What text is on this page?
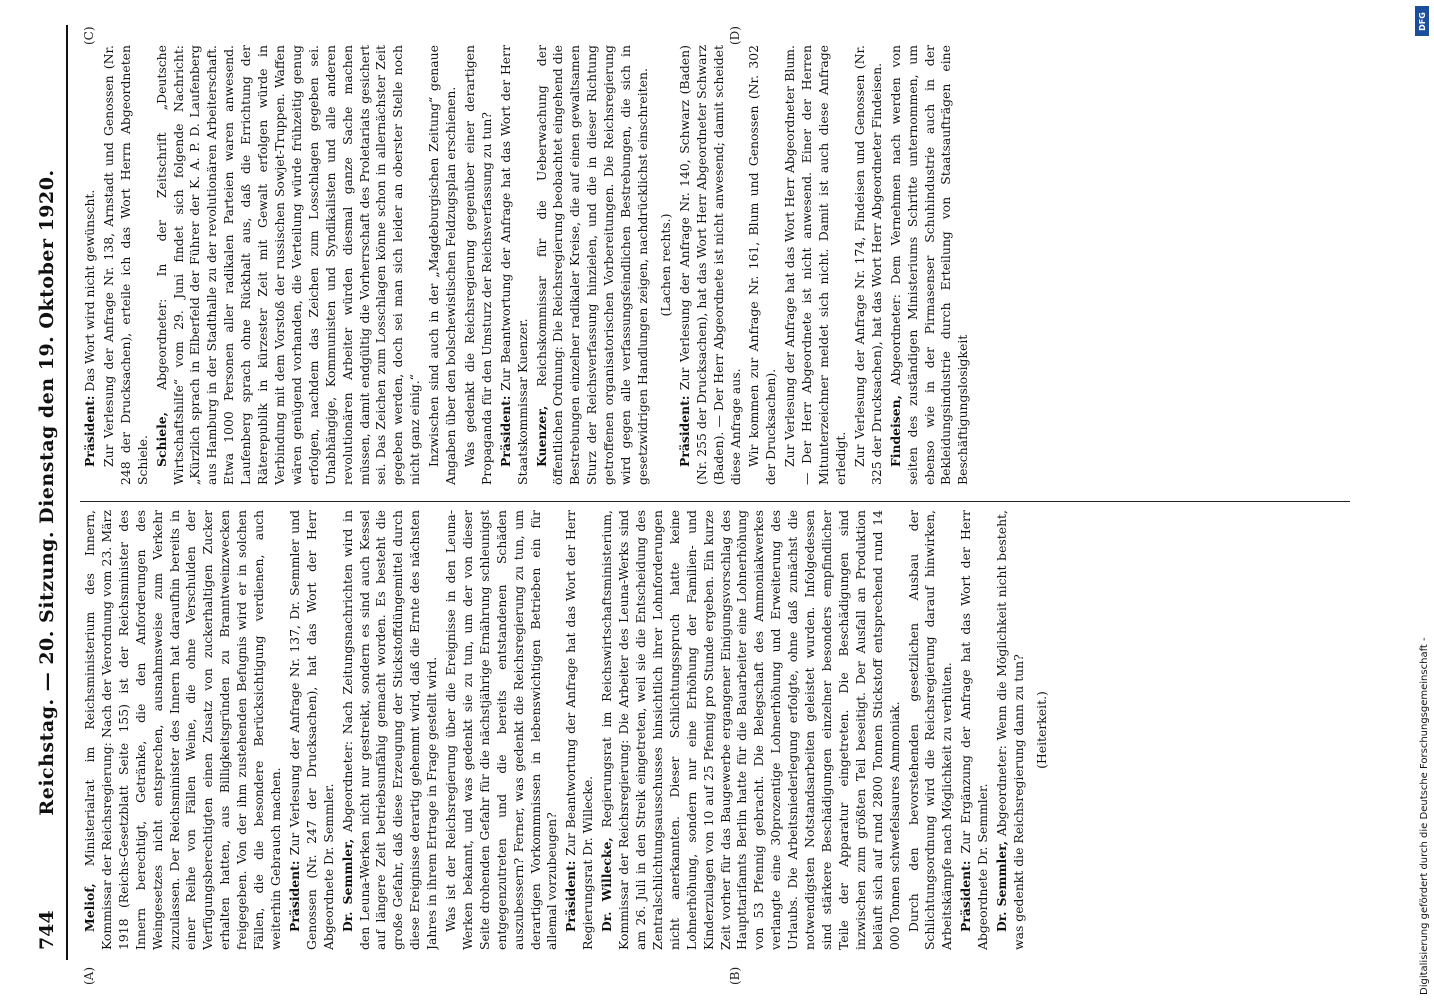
744
Reichstag. — 20. Sitzung. Dienstag den 19. Oktober 1920.
(A)	(B)
(C)	(D)

Meliof, Ministerialrat im Reichsministerium des Innern, Kommissar der Reichsregierung: Nach der Verordnung vom 23. März 1918 (Reichs-Gesetzblatt Seite 155) ist der Reichsminister des Innern berechtigt, Getränke, die den Anforderungen des Weingesetzes nicht entsprechen, ausnahmsweise zum Verkehr zuzulassen. Der Reichsminister des Innern hat daraufhin bereits in einer Reihe von Fällen Weine, die ohne Verschulden der Verfügungsberechtigten einen Zusatz von zuckerhaltigen Zucker erhalten hatten, aus Billigkeitsgründen zu Branntweinzwecken freigegeben. Von der ihm zustehenden Befugnis wird er in solchen Fällen, die die besondere Berücksichtigung verdienen, auch weiterhin Gebrauch machen. Präsident: Zur Verlesung der Anfrage Nr. 137, Dr. Semmler und Genossen (Nr. 247 der Drucksachen), hat das Wort der Herr Abgeordnete Dr. Semmler. Dr. Semmler, Abgeordneter: Nach Zeitungsnachrichten wird in den Leuna-Werken nicht nur gestreikt, sondern es sind auch Kessel auf längere Zeit betriebsunfähig gemacht worden. Es besteht die große Gefahr, daß diese Erzeugung der Stickstoffdüngemittel durch diese Ereignisse derartig gehemmt wird, daß die Ernte des nächsten Jahres in ihrem Ertrage in Frage gestellt wird. Was ist der Reichsregierung über die Ereignisse in den Leuna-Werken bekannt, und was gedenkt sie zu tun, um der von dieser Seite drohenden Gefahr für die nächstjährige Ernährung schleunigst entgegenzutreten und die bereits entstandenen Schäden auszubessern? Ferner, was gedenkt die Reichsregierung zu tun, um derartigen Vorkommnissen in lebenswichtigen Betrieben ein für allemal vorzubeugen? Präsident: Zur Beantwortung der Anfrage hat das Wort der Herr Regierungsrat Dr. Willecke. Dr. Willecke, Regierungsrat im Reichswirtschaftsministerium, Kommissar der Reichsregierung: Die Arbeiter des Leuna-Werks sind am 26. Juli in den Streik eingetreten, weil sie die Entscheidung des Zentralschlichtungsausschusses hinsichtlich ihrer Lohnforderungen nicht anerkannten. Dieser Schlichtungsspruch hatte keine Lohnerhöhung, sondern nur eine Erhöhung der Familien- und Kinderzulagen von 10 auf 25 Pfennig pro Stunde ergeben. Ein kurze Zeit vorher für das Baugewerbe ergangener Einigungsvorschlag des Haupttarifamts Berlin hatte für die Bauarbeiter eine Lohnerhöhung von 53 Pfennig gebracht. Die Belegschaft des Ammoniakwerkes verlangte eine 30prozentige Lohnerhöhung und Erweiterung des Urlaubs. Die Arbeitsniederlegung erfolgte, ohne daß zunächst die notwendigsten Notstandsarbeiten geleistet wurden. Infolgedessen sind stärkere Beschädigungen einzelner besonders empfindlicher Teile der Apparatur eingetreten. Die Beschädigungen sind inzwischen zum größten Teil beseitigt. Der Ausfall an Produktion beläuft sich auf rund 2800 Tonnen Stickstoff entsprechend rund 14 000 Tonnen schwefelsaures Ammoniak. Durch den bevorstehenden gesetzlichen Ausbau der Schlichtungsordnung wird die Reichsregierung darauf hinwirken, Arbeitskämpfe nach Möglichkeit zu verhüten. Präsident: Zur Ergänzung der Anfrage hat das Wort der Herr Abgeordnete Dr. Semmler. Dr. Semmler, Abgeordneter: Wenn die Möglichkeit nicht besteht, was gedenkt die Reichsregierung dann zu tun? (Heiterkeit.)

Präsident: Das Wort wird nicht gewünscht. Zur Verlesung der Anfrage Nr. 138, Arnstadt und Genossen (Nr. 248 der Drucksachen), erteile ich das Wort Herrn Abgeordneten Schiele. Schiele, Abgeordneter: In der Zeitschrift „Deutsche Wirtschaftshilfe“ vom 29. Juni findet sich folgende Nachricht: „Kürzlich sprach in Elberfeld der Führer der K. A. P. D. Laufenberg aus Hamburg in der Stadthalle zu der revolutionären Arbeiterschaft. Etwa 1000 Personen aller radikalen Parteien waren anwesend. Laufenberg sprach ohne Rückhalt aus, daß die Errichtung der Räterepublik in kürzester Zeit mit Gewalt erfolgen würde in Verbindung mit dem Vorstoß der russischen Sowjet-Truppen. Waffen wären genügend vorhanden, die Verteilung würde frühzeitig genug erfolgen, nachdem das Zeichen zum Losschlagen gegeben sei. Unabhängige, Kommunisten und Syndikalisten und alle anderen revolutionären Arbeiter würden diesmal ganze Sache machen müssen, damit endgültig die Vorherrschaft des Proletariats gesichert sei. Das Zeichen zum Losschlagen könne schon in allernächster Zeit gegeben werden, doch sei man sich leider an oberster Stelle noch nicht ganz einig.“ Inzwischen sind auch in der „Magdeburgischen Zeitung“ genaue Angaben über den bolschewistischen Feldzugsplan erschienen. Was gedenkt die Reichsregierung gegenüber einer derartigen Propaganda für den Umsturz der Reichsverfassung zu tun? Präsident: Zur Beantwortung der Anfrage hat das Wort der Herr Staatskommissar Kuenzer. Kuenzer, Reichskommissar für die Ueberwachung der öffentlichen Ordnung: Die Reichsregierung beobachtet eingehend die Bestrebungen einzelner radikaler Kreise, die auf einen gewaltsamen Sturz der Reichsverfassung hinzielen, und die in dieser Richtung getroffenen organisatorischen Vorbereitungen. Die Reichsregierung wird gegen alle verfassungsfeindlichen Bestrebungen, die sich in gesetzwidrigen Handlungen zeigen, nachdrücklichst einschreiten. (Lachen rechts.)

Präsident: Zur Verlesung der Anfrage Nr. 140, Schwarz (Baden) (Nr. 255 der Drucksachen), hat das Wort Herr Abgeordneter Schwarz (Baden). — Der Herr Abgeordnete ist nicht anwesend; damit scheidet diese Anfrage aus. Wir kommen zur Anfrage Nr. 161, Blum und Genossen (Nr. 302 der Drucksachen). Zur Verlesung der Anfrage hat das Wort Herr Abgeordneter Blum. — Der Herr Abgeordnete ist nicht anwesend. Einer der Herren Mitunterzeichner meldet sich nicht. Damit ist auch diese Anfrage erledigt. Zur Verlesung der Anfrage Nr. 174, Findeisen und Genossen (Nr. 325 der Drucksachen), hat das Wort Herr Abgeordneter Findeisen. Findeisen, Abgeordneter: Dem Vernehmen nach werden von seiten des zuständigen Ministeriums Schritte unternommen, um ebenso wie in der Pirmasenser Schuhindustrie auch in der Bekleidungsindustrie durch Erteilung von Staatsaufträgen eine Beschäftigungslosigkeit

Digitalisierung gefördert durch die Deutsche Forschungsgemeinschaft -
DFG
